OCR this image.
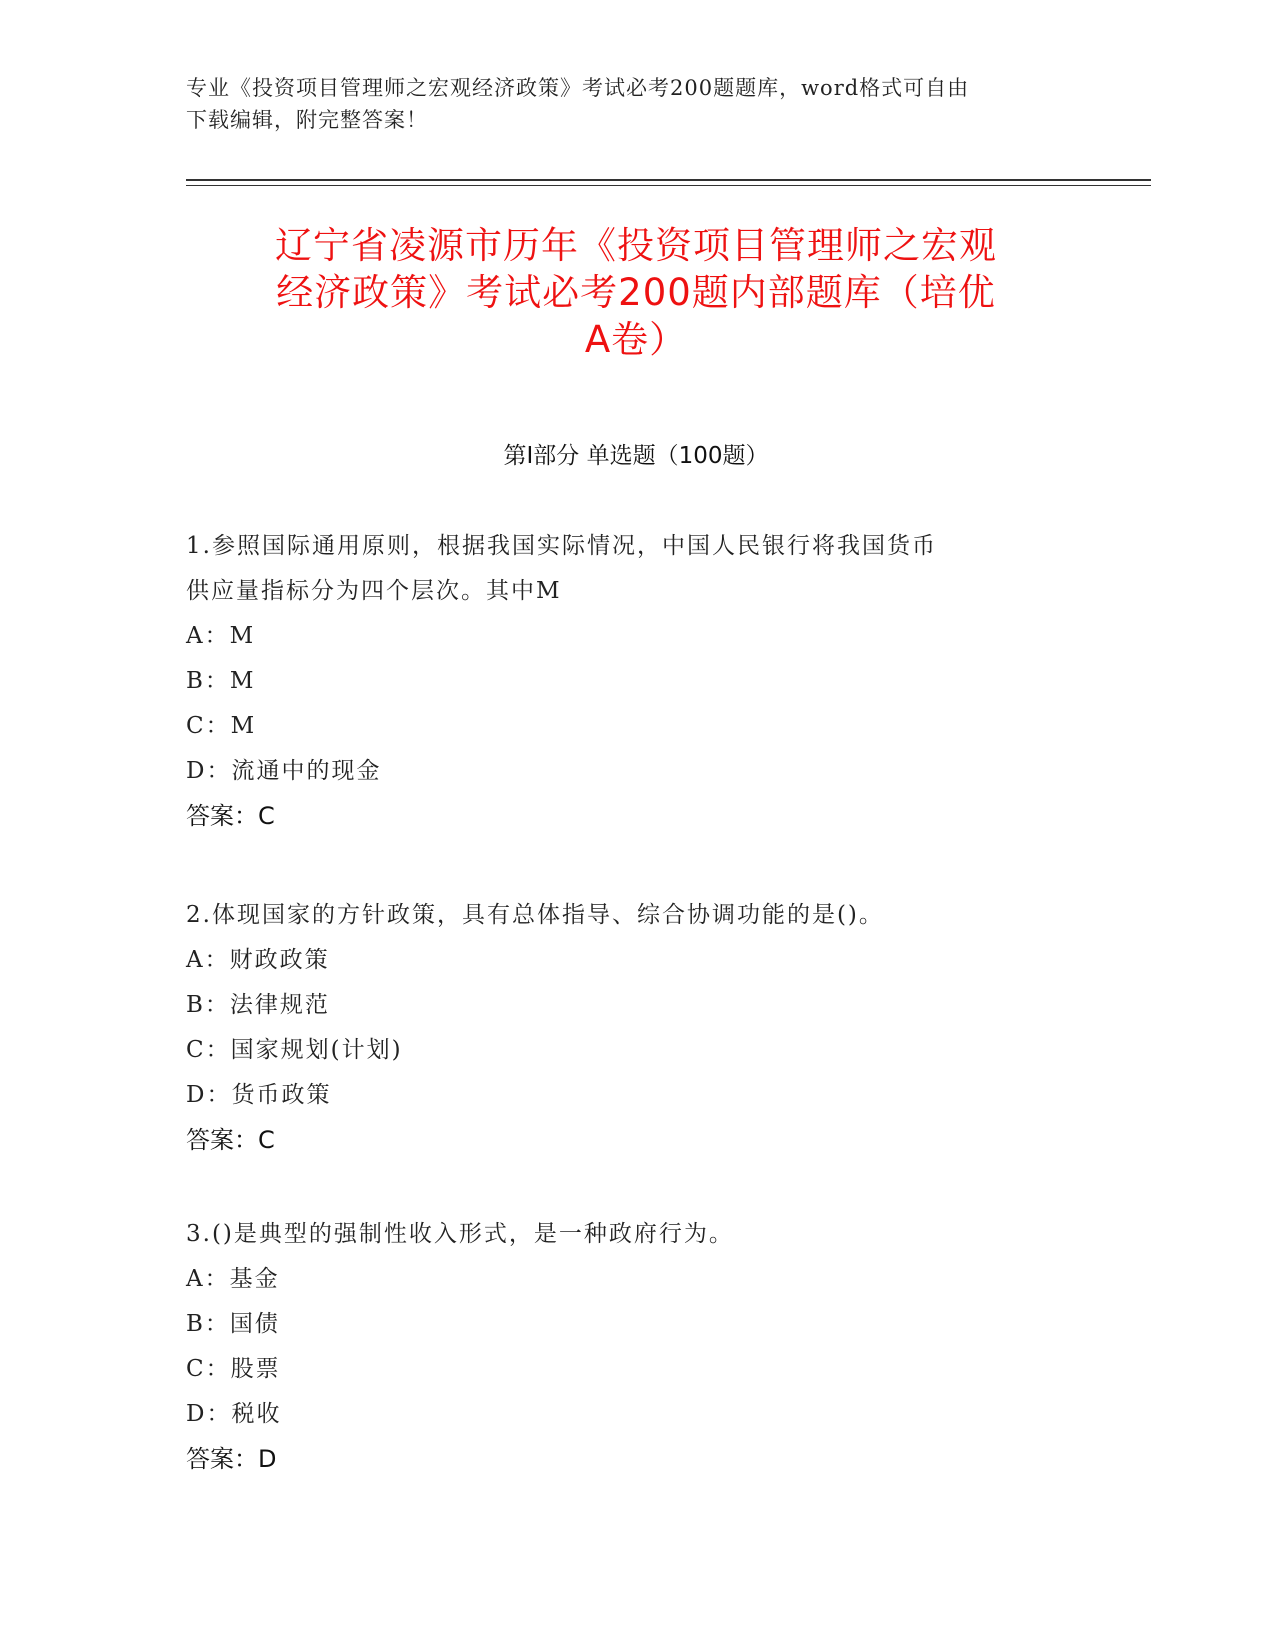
专业《投资项目管理师之宏观经济政策》考试必考200题题库，word格式可自由
下载编辑，附完整答案！
辽宁省凌源市历年《投资项目管理师之宏观
经济政策》考试必考200题内部题库（培优
A卷）
第I部分 单选题（100题）
1.参照国际通用原则，根据我国实际情况，中国人民银行将我国货币
供应量指标分为四个层次。其中M
A：M
B：M
C：M
D：流通中的现金
答案：C
2.体现国家的方针政策，具有总体指导、综合协调功能的是()。
A：财政政策
B：法律规范
C：国家规划(计划)
D：货币政策
答案：C
3.()是典型的强制性收入形式，是一种政府行为。
A：基金
B：国债
C：股票
D：税收
答案：D
